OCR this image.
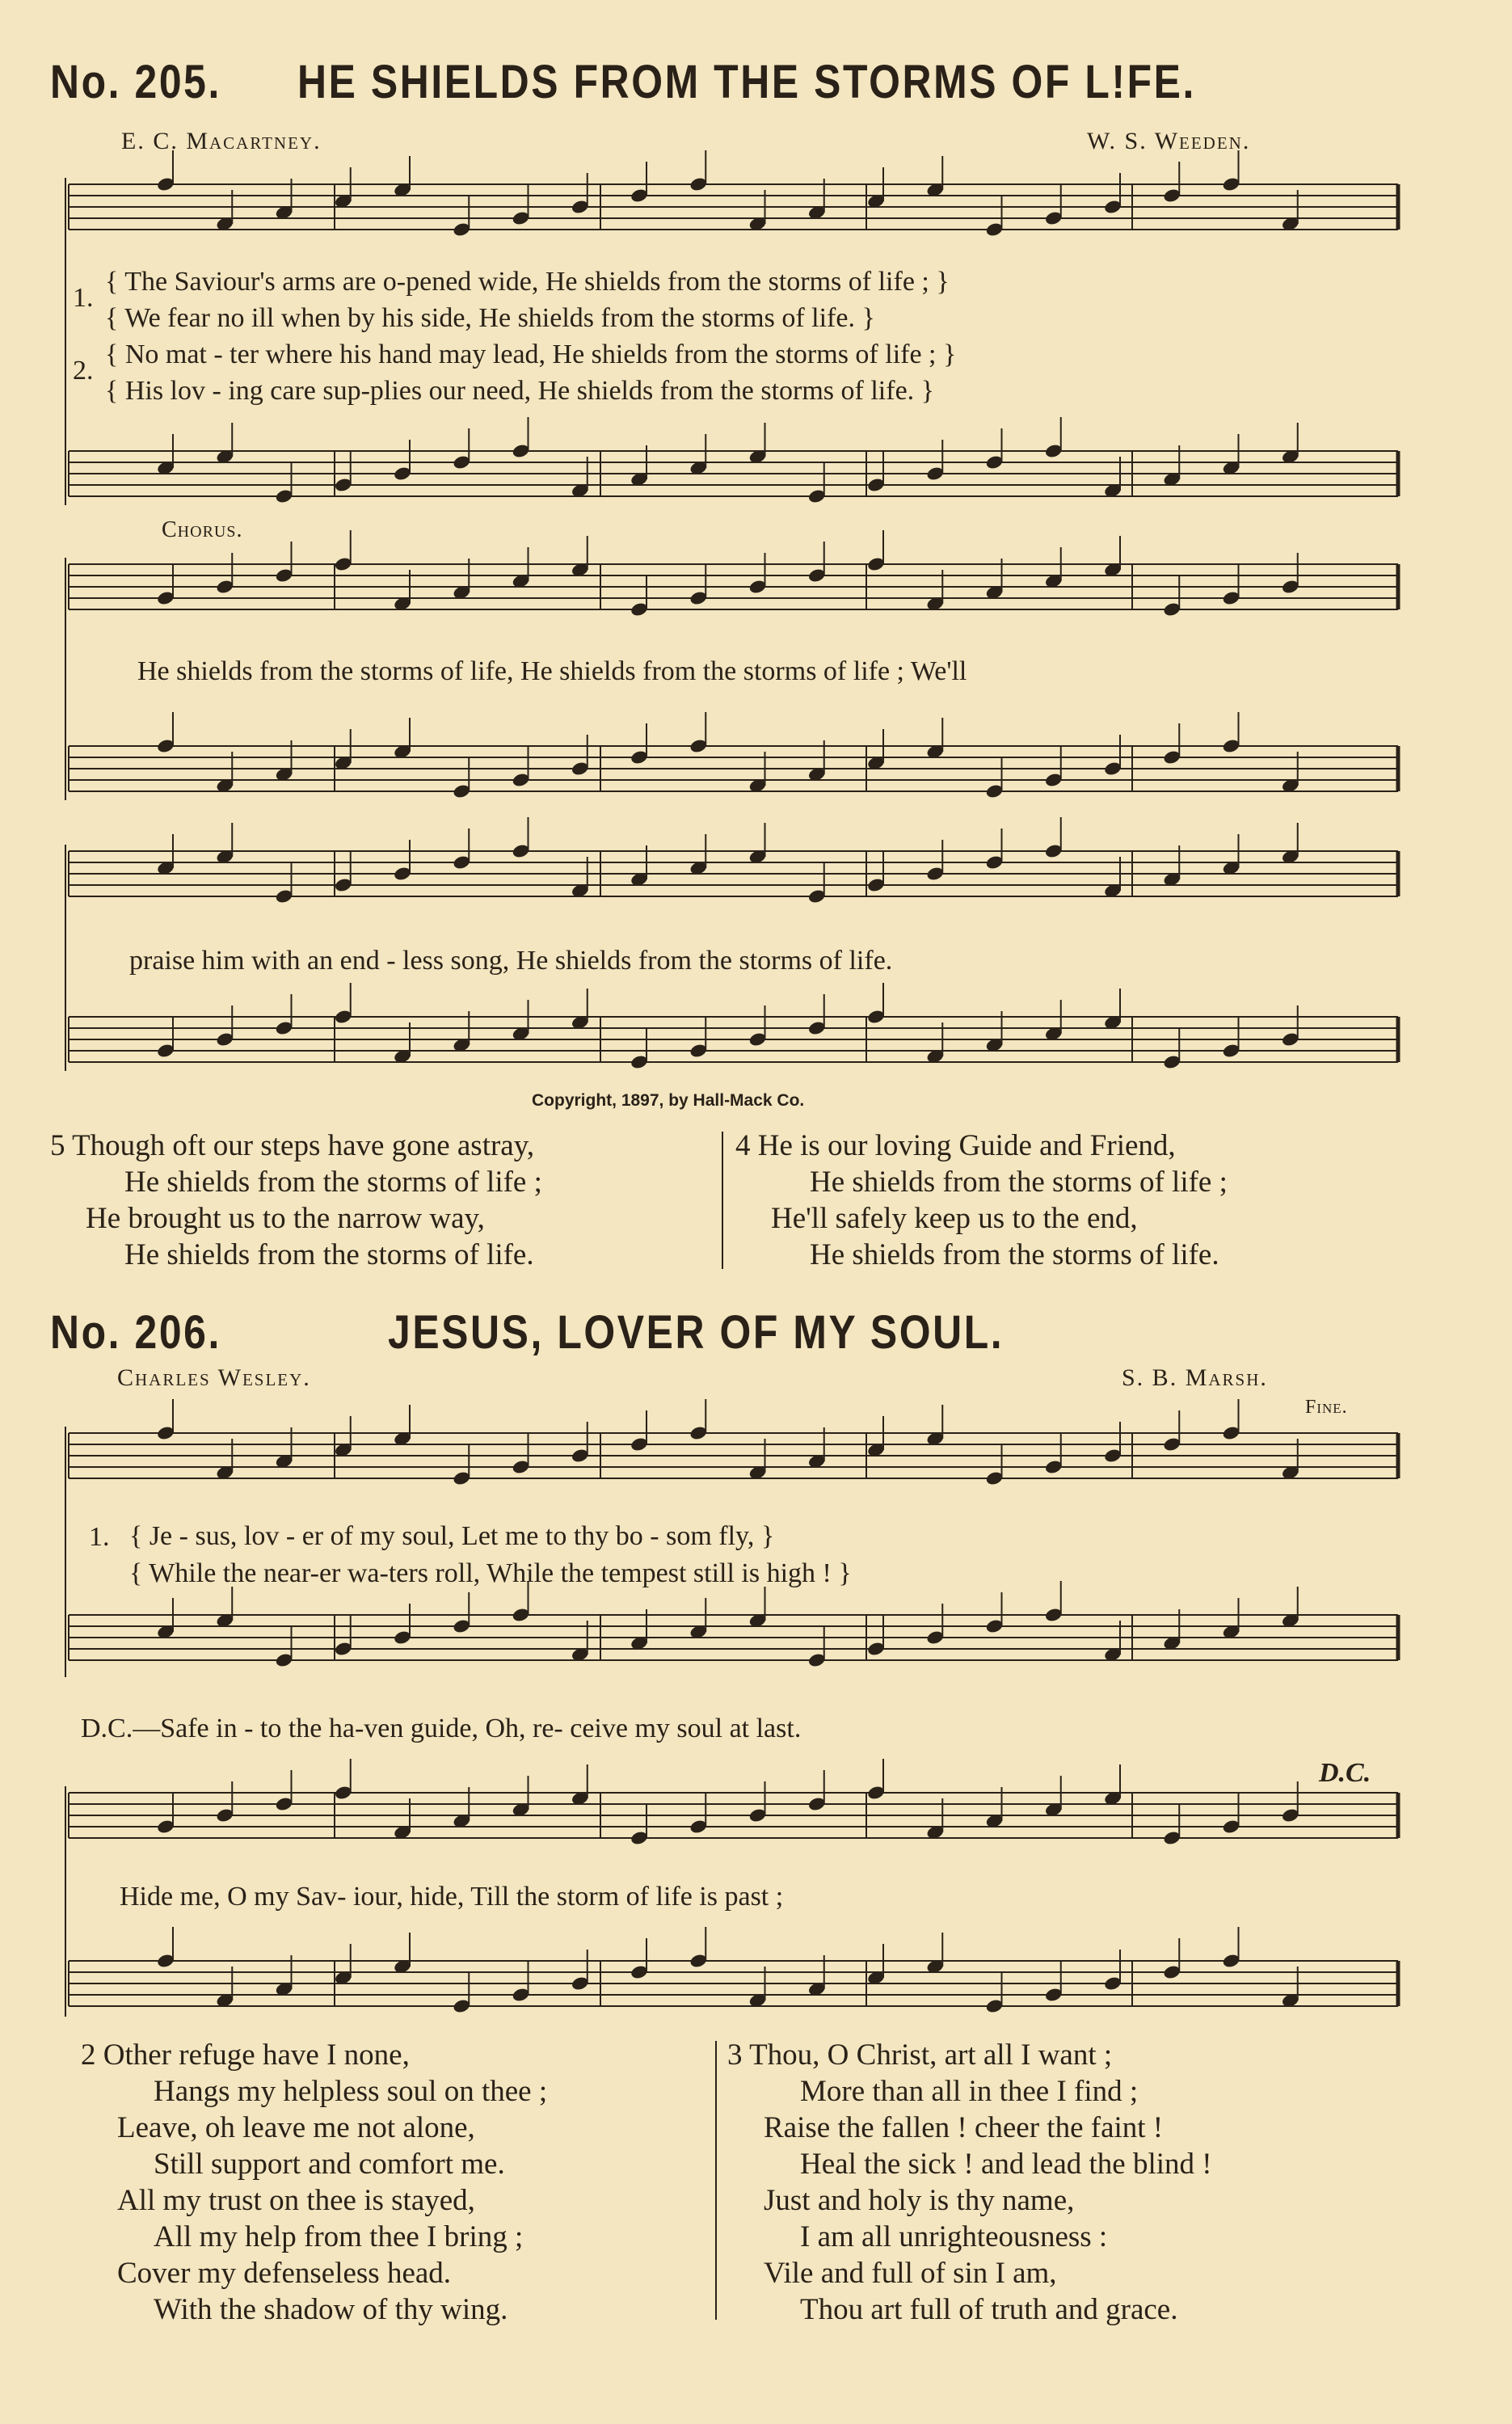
No. 205. HE SHIELDS FROM THE STORMS OF L!FE.
E. C. Macartney.	W. S. Weeden.
{ The Saviour's arms are o-pened wide, He shields from the storms of life ; }
{ We fear no ill when by his side, He shields from the storms of life. }
{ No mat - ter where his hand may lead, He shields from the storms of life ; }
{ His lov - ing care sup-plies our need, He shields from the storms of life. }
1.
2.
Chorus.
He shields from the storms of life, He shields from the storms of life ; We'll
praise him with an end - less song, He shields from the storms of life.
Copyright, 1897, by Hall-Mack Co.
5 Though oft our steps have gone astray,
He shields from the storms of life ;
He brought us to the narrow way,
He shields from the storms of life.
4 He is our loving Guide and Friend,
He shields from the storms of life ;
He'll safely keep us to the end,
He shields from the storms of life.
No. 206.	JESUS, LOVER OF MY SOUL.
Charles Wesley.	S. B. Marsh.
Fine.
1. { Je - sus, lov - er of my soul, Let me to thy bo - som fly, }
{ While the near-er wa-ters roll, While the tempest still is high ! }
D.C.—Safe in - to the ha-ven guide, Oh, re- ceive my soul at last.
D.C.
Hide me, O my Sav- iour, hide, Till the storm of life is past ;
2 Other refuge have I none,
Hangs my helpless soul on thee ;
Leave, oh leave me not alone,
Still support and comfort me.
All my trust on thee is stayed,
All my help from thee I bring ;
Cover my defenseless head.
With the shadow of thy wing.
3 Thou, O Christ, art all I want ;
More than all in thee I find ;
Raise the fallen ! cheer the faint !
Heal the sick ! and lead the blind !
Just and holy is thy name,
I am all unrighteousness :
Vile and full of sin I am,
Thou art full of truth and grace.
